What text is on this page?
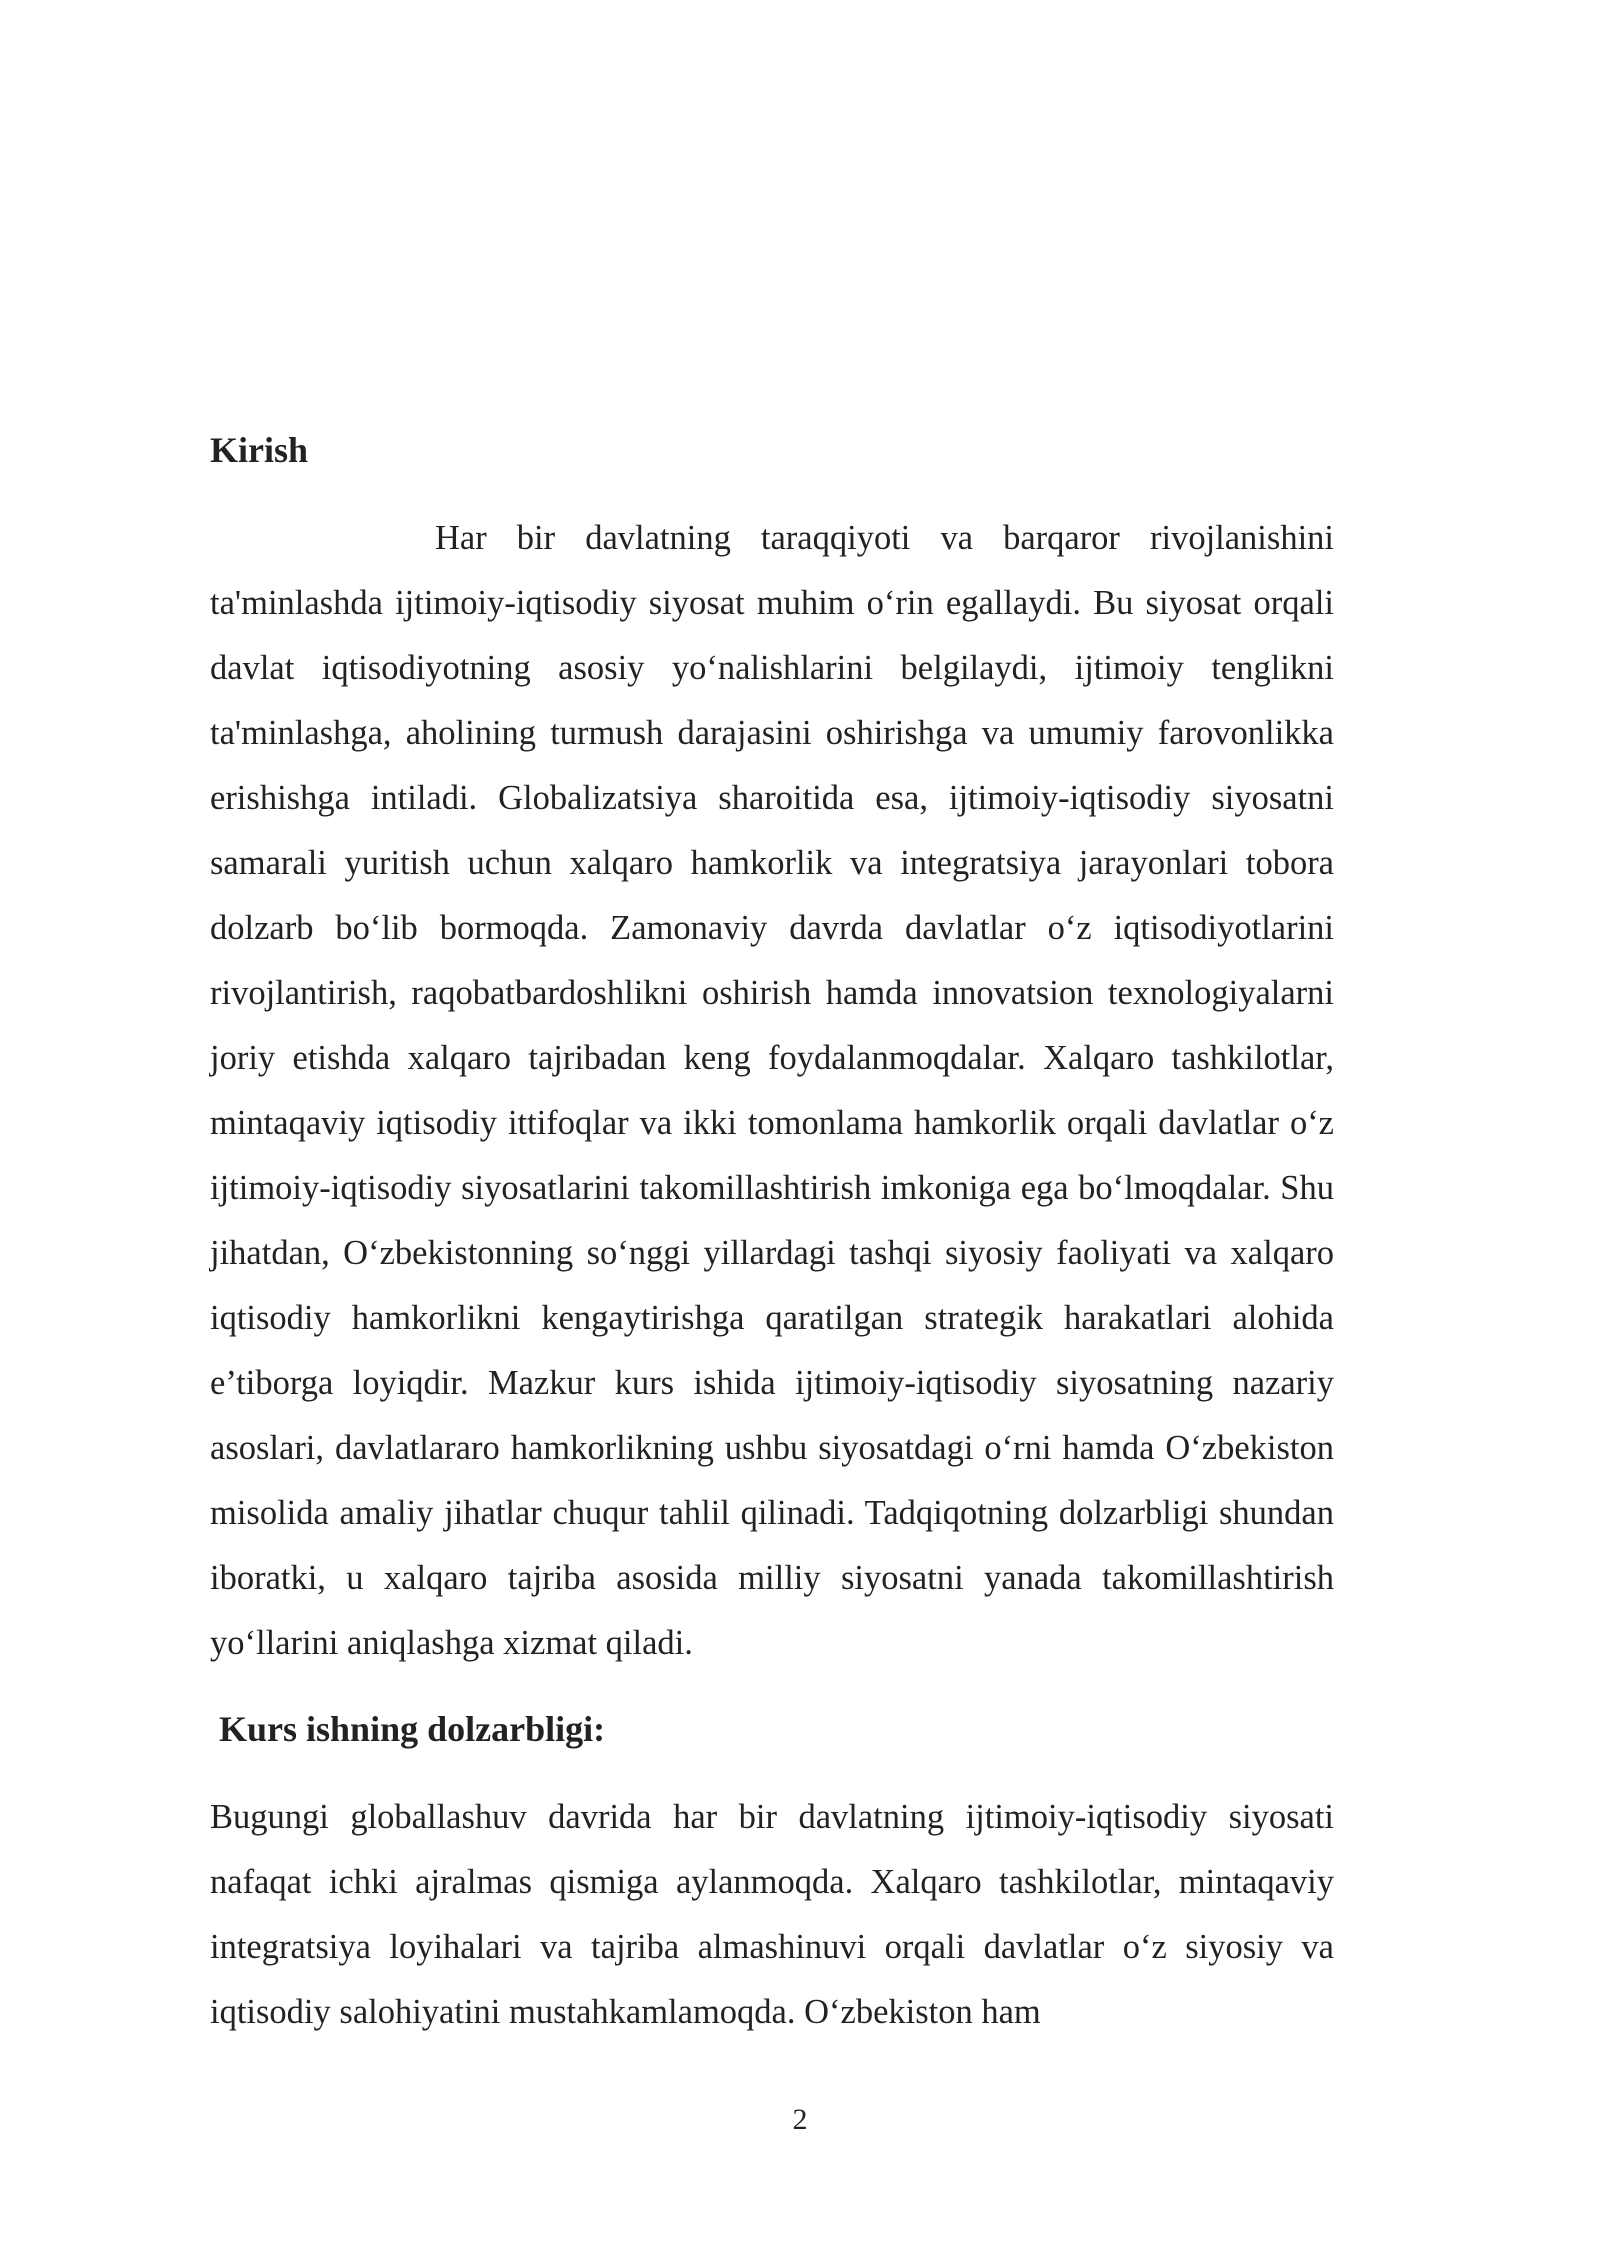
Kirish

Har bir davlatning taraqqiyoti va barqaror rivojlanishini ta'minlashda ijtimoiy-iqtisodiy siyosat muhim o‘rin egallaydi. Bu siyosat orqali davlat iqtisodiyotning asosiy yo‘nalishlarini belgilaydi, ijtimoiy tenglikni ta'minlashga, aholining turmush darajasini oshirishga va umumiy farovonlikka erishishga intiladi. Globalizatsiya sharoitida esa, ijtimoiy-iqtisodiy siyosatni samarali yuritish uchun xalqaro hamkorlik va integratsiya jarayonlari tobora dolzarb bo‘lib bormoqda. Zamonaviy davrda davlatlar o‘z iqtisodiyotlarini rivojlantirish, raqobatbardoshlikni oshirish hamda innovatsion texnologiyalarni joriy etishda xalqaro tajribadan keng foydalanmoqdalar. Xalqaro tashkilotlar, mintaqaviy iqtisodiy ittifoqlar va ikki tomonlama hamkorlik orqali davlatlar o‘z ijtimoiy-iqtisodiy siyosatlarini takomillashtirish imkoniga ega bo‘lmoqdalar. Shu jihatdan, O‘zbekistonning so‘nggi yillardagi tashqi siyosiy faoliyati va xalqaro iqtisodiy hamkorlikni kengaytirishga qaratilgan strategik harakatlari alohida e’tiborga loyiqdir. Mazkur kurs ishida ijtimoiy-iqtisodiy siyosatning nazariy asoslari, davlatlararo hamkorlikning ushbu siyosatdagi o‘rni hamda O‘zbekiston misolida amaliy jihatlar chuqur tahlil qilinadi. Tadqiqotning dolzarbligi shundan iboratki, u xalqaro tajriba asosida milliy siyosatni yanada takomillashtirish yo‘llarini aniqlashga xizmat qiladi.

Kurs ishning dolzarbligi:

Bugungi globallashuv davrida har bir davlatning ijtimoiy-iqtisodiy siyosati nafaqat ichki ajralmas qismiga aylanmoqda. Xalqaro tashkilotlar, mintaqaviy integratsiya loyihalari va tajriba almashinuvi orqali davlatlar o‘z siyosiy va iqtisodiy salohiyatini mustahkamlamoqda. O‘zbekiston ham

2
